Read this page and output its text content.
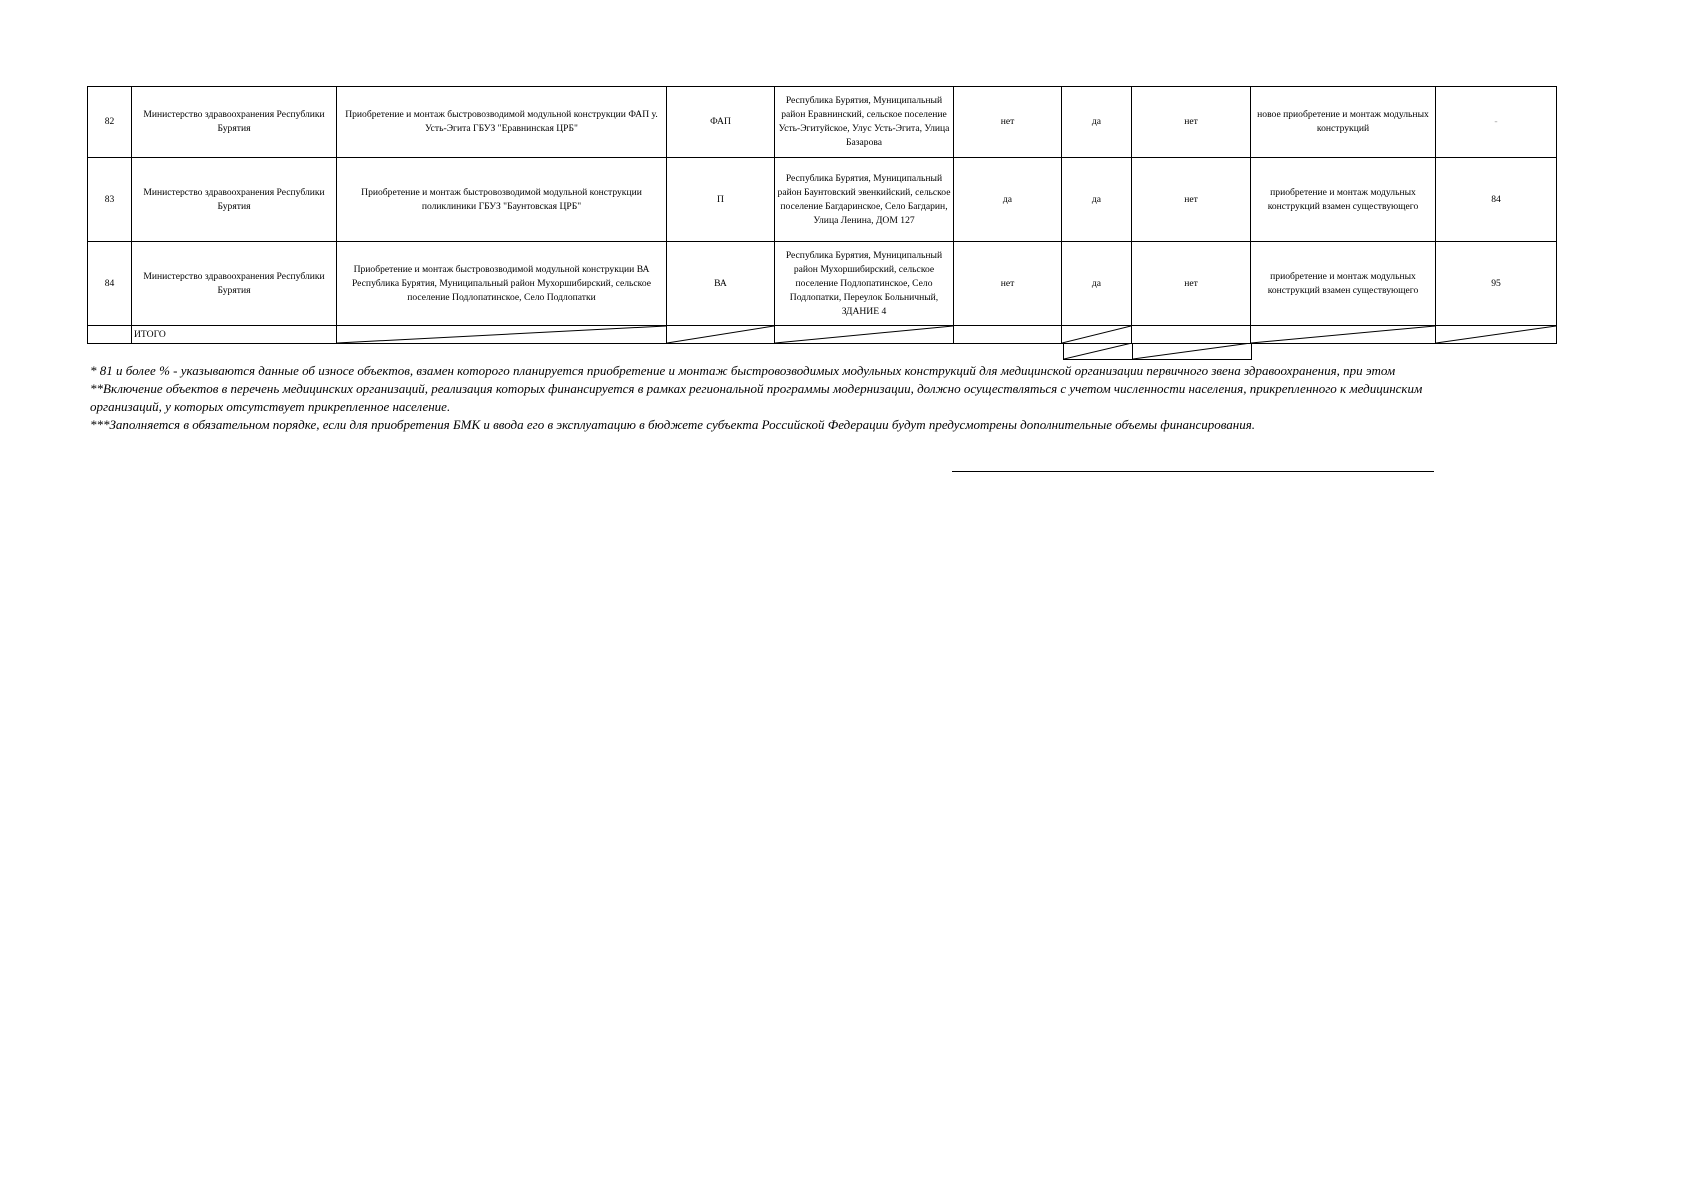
82	Министерство здравоохранения Республики Бурятия	Приобретение и монтаж быстровозводимой модульной конструкции ФАП у. Усть-Эгита ГБУЗ "Еравнинская ЦРБ"	ФАП	Республика Бурятия, Муниципальный район Еравнинский, сельское поселение Усть-Эгитуйское, Улус Усть-Эгита, Улица Базарова	нет	да	нет	новое приобретение и монтаж модульных конструкций	-
83	Министерство здравоохранения Республики Бурятия	Приобретение и монтаж быстровозводимой модульной конструкции поликлиники ГБУЗ "Баунтовская ЦРБ"	П	Республика Бурятия, Муниципальный район Баунтовский эвенкийский, сельское поселение Багдаринское, Село Багдарин, Улица Ленина, ДОМ 127	да	да	нет	приобретение и монтаж модульных конструкций взамен существующего	84
84	Министерство здравоохранения Республики Бурятия	Приобретение и монтаж быстровозводимой модульной конструкции ВА Республика Бурятия, Муниципальный район Мухоршибирский, сельское поселение Подлопатинское, Село Подлопатки	ВА	Республика Бурятия, Муниципальный район Мухоршибирский, сельское поселение Подлопатинское, Село Подлопатки, Переулок Больничный, ЗДАНИЕ 4	нет	да	нет	приобретение и монтаж модульных конструкций взамен существующего	95
	ИТОГО	

* 81 и более % - указываются данные об износе объектов, взамен которого планируется приобретение и монтаж быстровозводимых модульных конструкций для медицинской организации первичного звена здравоохранения, при этом
**Включение объектов в перечень медицинских организаций, реализация которых финансируется в рамках региональной программы модернизации, должно осуществляться с учетом численности населения, прикрепленного к медицинским
организаций, у которых отсутствует прикрепленное население.
***Заполняется в обязательном порядке, если для приобретения БМК и ввода его в эксплуатацию в бюджете субъекта Российской Федерации будут предусмотрены дополнительные объемы финансирования.
